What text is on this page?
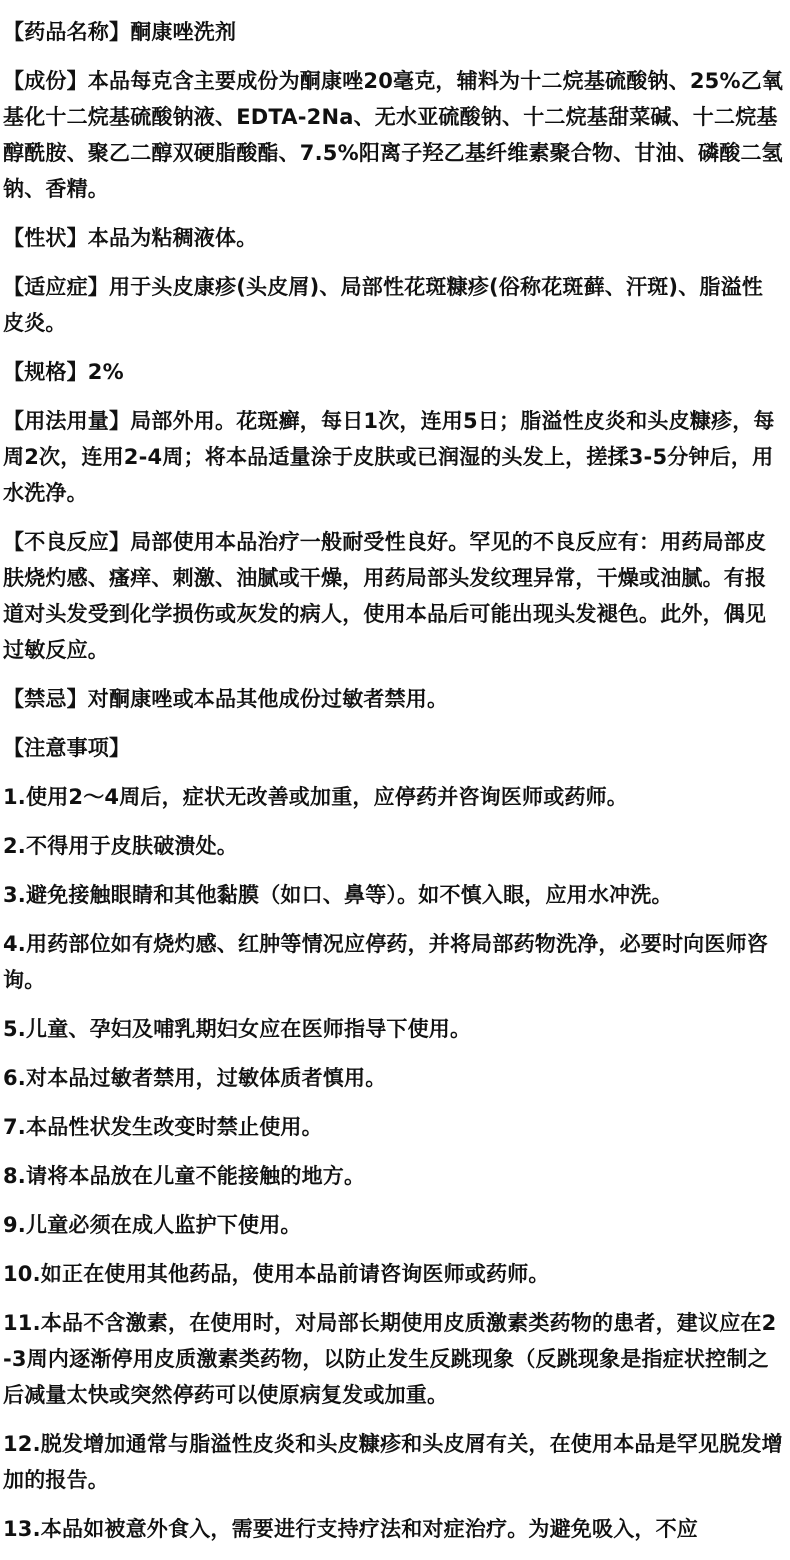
【药品名称】酮康唑洗剂

【成份】本品每克含主要成份为酮康唑20毫克，辅料为十二烷基硫酸钠、25%乙氧基化十二烷基硫酸钠液、EDTA-2Na、无水亚硫酸钠、十二烷基甜菜碱、十二烷基醇酰胺、聚乙二醇双硬脂酸酯、7.5%阳离子羟乙基纤维素聚合物、甘油、磷酸二氢钠、香精。

【性状】本品为粘稠液体。

【适应症】用于头皮康疹(头皮屑)、局部性花斑糠疹(俗称花斑藓、汗斑)、脂溢性皮炎。

【规格】2%

【用法用量】局部外用。花斑癣，每日1次，连用5日；脂溢性皮炎和头皮糠疹，每周2次，连用2-4周；将本品适量涂于皮肤或已润湿的头发上，搓揉3-5分钟后，用水洗净。

【不良反应】局部使用本品治疗一般耐受性良好。罕见的不良反应有：用药局部皮肤烧灼感、瘙痒、刺激、油腻或干燥，用药局部头发纹理异常，干燥或油腻。有报道对头发受到化学损伤或灰发的病人，使用本品后可能出现头发褪色。此外，偶见过敏反应。

【禁忌】对酮康唑或本品其他成份过敏者禁用。

【注意事项】

1.使用2～4周后，症状无改善或加重，应停药并咨询医师或药师。

2.不得用于皮肤破溃处。

3.避免接触眼睛和其他黏膜（如口、鼻等）。如不慎入眼，应用水冲洗。

4.用药部位如有烧灼感、红肿等情况应停药，并将局部药物洗净，必要时向医师咨询。

5.儿童、孕妇及哺乳期妇女应在医师指导下使用。

6.对本品过敏者禁用，过敏体质者慎用。

7.本品性状发生改变时禁止使用。

8.请将本品放在儿童不能接触的地方。

9.儿童必须在成人监护下使用。

10.如正在使用其他药品，使用本品前请咨询医师或药师。

11.本品不含激素，在使用时，对局部长期使用皮质激素类药物的患者，建议应在2-3周内逐渐停用皮质激素类药物，以防止发生反跳现象（反跳现象是指症状控制之后减量太快或突然停药可以使原病复发或加重。

12.脱发增加通常与脂溢性皮炎和头皮糠疹和头皮屑有关，在使用本品是罕见脱发增加的报告。

13.本品如被意外食入，需要进行支持疗法和对症治疗。为避免吸入，不应
